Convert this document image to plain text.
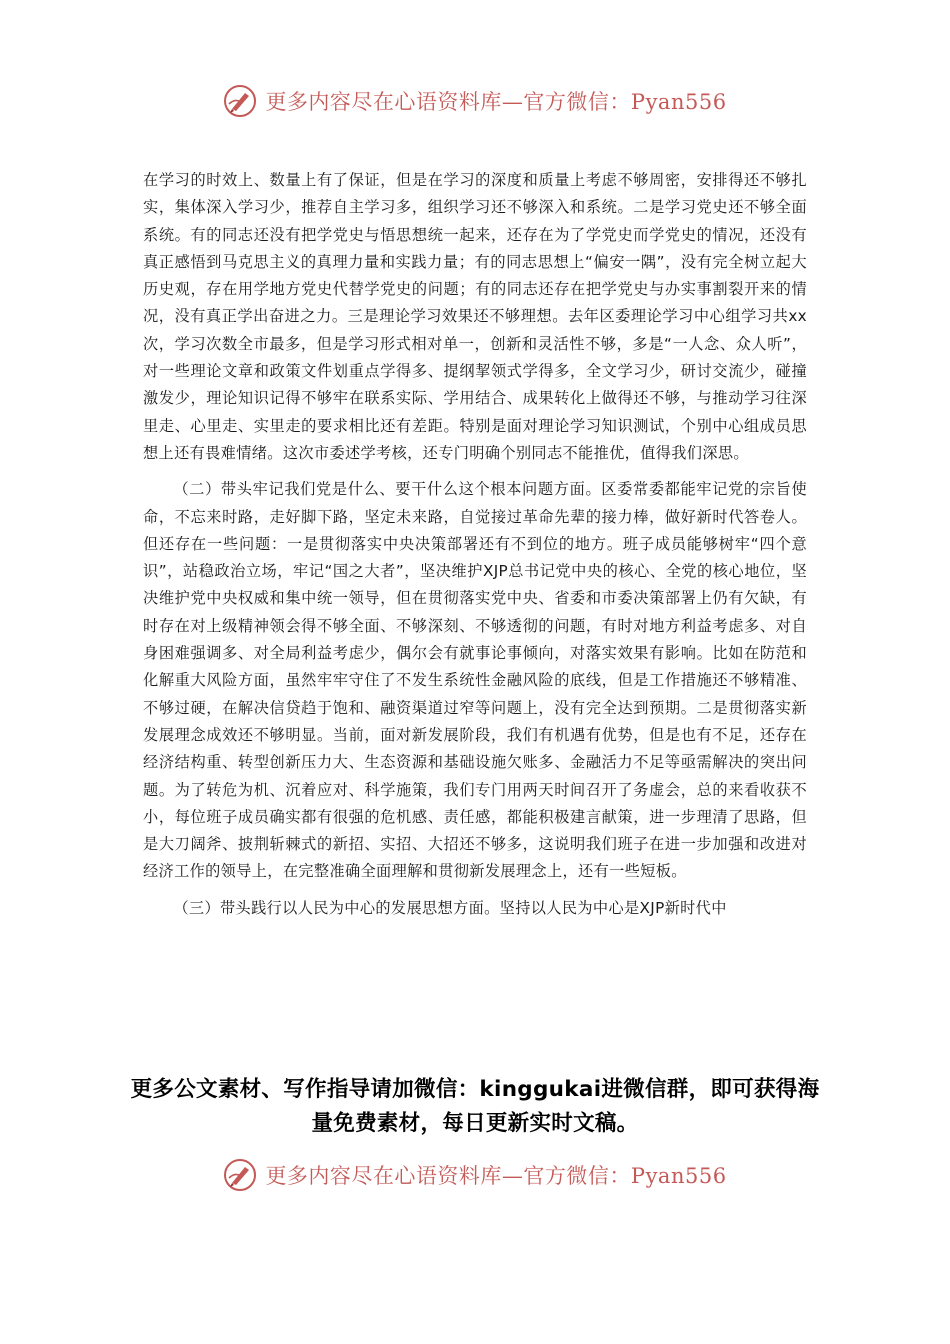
更多内容尽在心语资料库—官方微信：Pyan556

在学习的时效上、数量上有了保证，但是在学习的深度和质量上考虑不够周密，安排得还不够扎实，集体深入学习少，推荐自主学习多，组织学习还不够深入和系统。二是学习党史还不够全面系统。有的同志还没有把学党史与悟思想统一起来，还存在为了学党史而学党史的情况，还没有真正感悟到马克思主义的真理力量和实践力量；有的同志思想上“偏安一隅”，没有完全树立起大历史观，存在用学地方党史代替学党史的问题；有的同志还存在把学党史与办实事割裂开来的情况，没有真正学出奋进之力。三是理论学习效果还不够理想。去年区委理论学习中心组学习共xx次，学习次数全市最多，但是学习形式相对单一，创新和灵活性不够，多是“一人念、众人听”，对一些理论文章和政策文件划重点学得多、提纲挈领式学得多，全文学习少，研讨交流少，碰撞激发少，理论知识记得不够牢在联系实际、学用结合、成果转化上做得还不够，与推动学习往深里走、心里走、实里走的要求相比还有差距。特别是面对理论学习知识测试，个别中心组成员思想上还有畏难情绪。这次市委述学考核，还专门明确个别同志不能推优，值得我们深思。

（二）带头牢记我们党是什么、要干什么这个根本问题方面。区委常委都能牢记党的宗旨使命，不忘来时路，走好脚下路，坚定未来路，自觉接过革命先辈的接力棒，做好新时代答卷人。但还存在一些问题：一是贯彻落实中央决策部署还有不到位的地方。班子成员能够树牢“四个意识”，站稳政治立场，牢记“国之大者”，坚决维护XJP总书记党中央的核心、全党的核心地位，坚决维护党中央权威和集中统一领导，但在贯彻落实党中央、省委和市委决策部署上仍有欠缺，有时存在对上级精神领会得不够全面、不够深刻、不够透彻的问题，有时对地方利益考虑多、对自身困难强调多、对全局利益考虑少，偶尔会有就事论事倾向，对落实效果有影响。比如在防范和化解重大风险方面，虽然牢牢守住了不发生系统性金融风险的底线，但是工作措施还不够精准、不够过硬，在解决信贷趋于饱和、融资渠道过窄等问题上，没有完全达到预期。二是贯彻落实新发展理念成效还不够明显。当前，面对新发展阶段，我们有机遇有优势，但是也有不足，还存在经济结构重、转型创新压力大、生态资源和基础设施欠账多、金融活力不足等亟需解决的突出问题。为了转危为机、沉着应对、科学施策，我们专门用两天时间召开了务虚会，总的来看收获不小，每位班子成员确实都有很强的危机感、责任感，都能积极建言献策，进一步理清了思路，但是大刀阔斧、披荆斩棘式的新招、实招、大招还不够多，这说明我们班子在进一步加强和改进对经济工作的领导上，在完整准确全面理解和贯彻新发展理念上，还有一些短板。

（三）带头践行以人民为中心的发展思想方面。坚持以人民为中心是XJP新时代中

更多公文素材、写作指导请加微信：kinggukai进微信群，即可获得海量免费素材，每日更新实时文稿。
更多内容尽在心语资料库—官方微信：Pyan556
